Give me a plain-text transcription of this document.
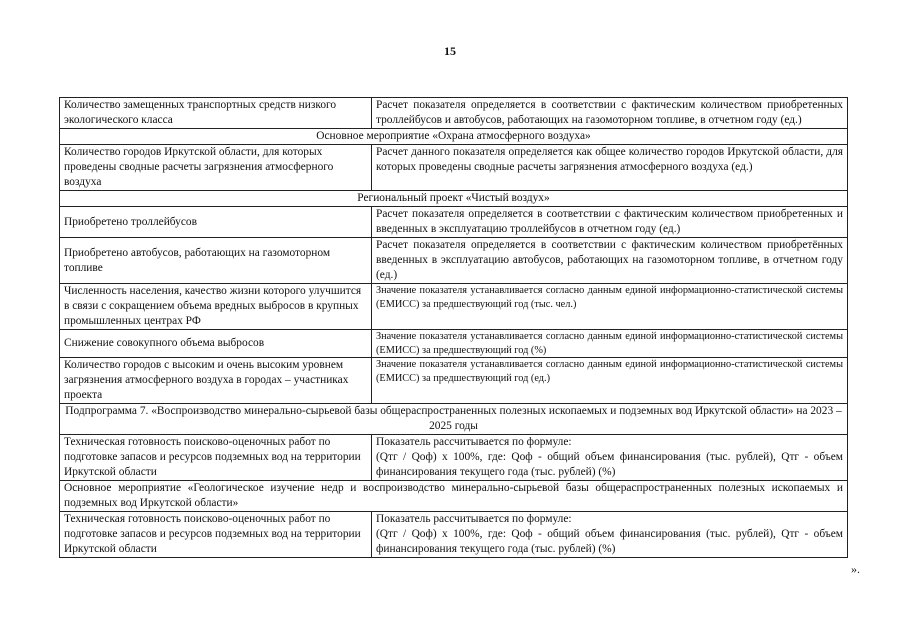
15
Количество замещенных транспортных средств низкого экологического класса	Расчет показателя определяется в соответствии с фактическим количеством приобретенных троллейбусов и автобусов, работающих на газомоторном топливе, в отчетном году (ед.)
Основное мероприятие «Охрана атмосферного воздуха»	
Количество городов Иркутской области, для которых проведены сводные расчеты загрязнения атмосферного воздуха	Расчет данного показателя определяется как общее количество городов Иркутской области, для которых проведены сводные расчеты загрязнения атмосферного воздуха (ед.)
Региональный проект «Чистый воздух»	
Приобретено троллейбусов	Расчет показателя определяется в соответствии с фактическим количеством приобретенных и введенных в эксплуатацию троллейбусов в отчетном году (ед.)
Приобретено автобусов, работающих на газомоторном топливе	Расчет показателя определяется в соответствии с фактическим количеством приобретённых введенных в эксплуатацию автобусов, работающих на газомоторном топливе, в отчетном году (ед.)
Численность населения, качество жизни которого улучшится в связи с сокращением объема вредных выбросов в крупных промышленных центрах РФ	Значение показателя устанавливается согласно данным единой информационно-статистической системы (ЕМИСС) за предшествующий год (тыс. чел.)
Снижение совокупного объема выбросов	Значение показателя устанавливается согласно данным единой информационно-статистической системы (ЕМИСС) за предшествующий год (%)
Количество городов с высоким и очень высоким уровнем загрязнения атмосферного воздуха в городах – участниках проекта	Значение показателя устанавливается согласно данным единой информационно-статистической системы (ЕМИСС) за предшествующий год (ед.)
Подпрограмма 7. «Воспроизводство минерально-сырьевой базы общераспространенных полезных ископаемых и подземных вод Иркутской области» на 2023 – 2025 годы	
Техническая готовность поисково-оценочных работ по подготовке запасов и ресурсов подземных вод на территории Иркутской области	Показатель рассчитывается по формуле:
(Qтг / Qоф) x 100%, где: Qоф - общий объем финансирования (тыс. рублей), Qтг - объем финансирования текущего года (тыс. рублей) (%)

Основное мероприятие «Геологическое изучение недр и воспроизводство минерально-сырьевой базы общераспространенных полезных ископаемых и подземных вод Иркутской области»	
Техническая готовность поисково-оценочных работ по подготовке запасов и ресурсов подземных вод на территории Иркутской области	Показатель рассчитывается по формуле:
(Qтг / Qоф) x 100%, где: Qоф - общий объем финансирования (тыс. рублей), Qтг - объем финансирования текущего года (тыс. рублей) (%)
».
